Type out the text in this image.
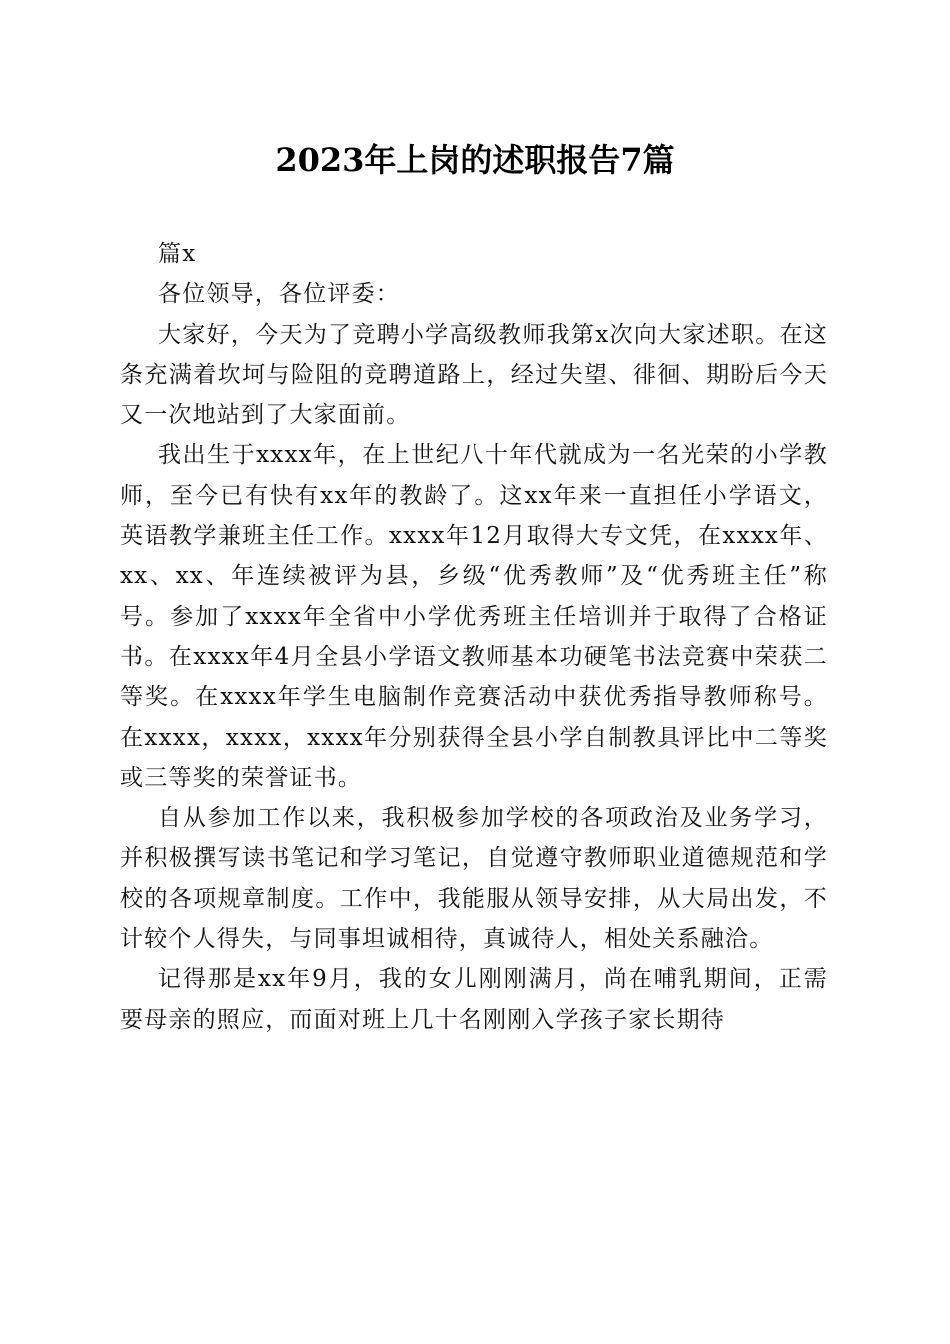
2023年上岗的述职报告7篇

篇x

各位领导，各位评委：

大家好，今天为了竞聘小学高级教师我第x次向大家述职。在这条充满着坎坷与险阻的竞聘道路上，经过失望、徘徊、期盼后今天又一次地站到了大家面前。

我出生于xxxx年，在上世纪八十年代就成为一名光荣的小学教师，至今已有快有xx年的教龄了。这xx年来一直担任小学语文，英语教学兼班主任工作。xxxx年12月取得大专文凭，在xxxx年、xx、xx、年连续被评为县，乡级“优秀教师”及“优秀班主任”称号。参加了xxxx年全省中小学优秀班主任培训并于取得了合格证书。在xxxx年4月全县小学语文教师基本功硬笔书法竞赛中荣获二等奖。在xxxx年学生电脑制作竞赛活动中获优秀指导教师称号。在xxxx，xxxx，xxxx年分别获得全县小学自制教具评比中二等奖或三等奖的荣誉证书。

自从参加工作以来，我积极参加学校的各项政治及业务学习，并积极撰写读书笔记和学习笔记，自觉遵守教师职业道德规范和学校的各项规章制度。工作中，我能服从领导安排，从大局出发，不计较个人得失，与同事坦诚相待，真诚待人，相处关系融洽。

记得那是xx年9月，我的女儿刚刚满月，尚在哺乳期间，正需要母亲的照应，而面对班上几十名刚刚入学孩子家长期待
